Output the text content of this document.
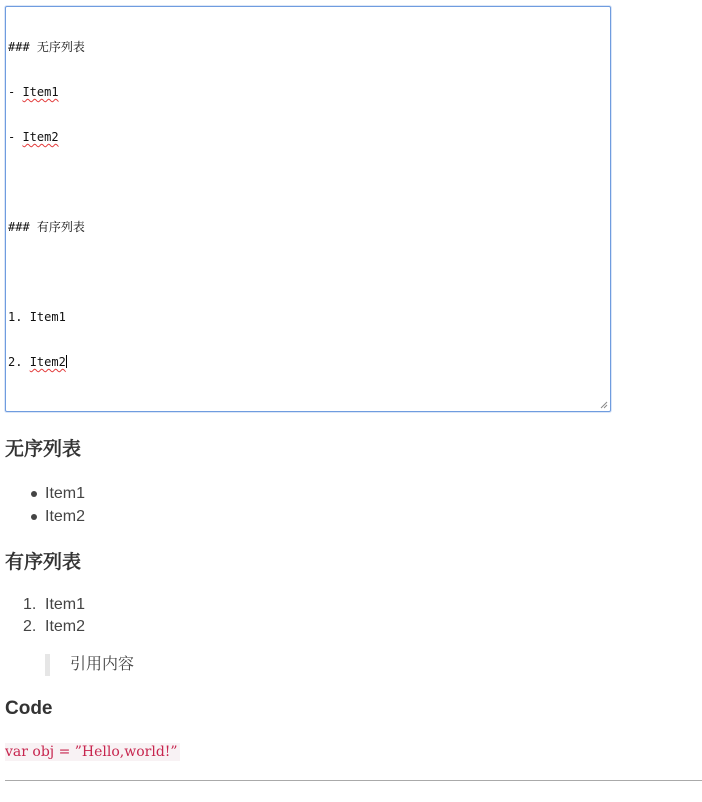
### 无序列表

- Item1

- Item2

### 有序列表

1. Item1

2. Item2

无序列表
Item1
Item2
有序列表
1. Item1
2. Item2
引用内容
Code
var obj = ”Hello,world!”
